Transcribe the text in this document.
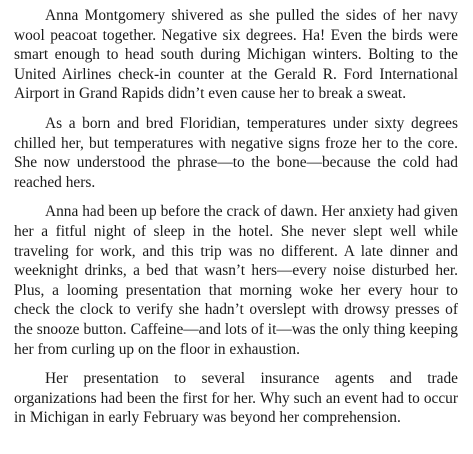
Anna Montgomery shivered as she pulled the sides of her navy wool peacoat together. Negative six degrees. Ha! Even the birds were smart enough to head south during Michigan winters. Bolting to the United Airlines check-in counter at the Gerald R. Ford International Airport in Grand Rapids didn’t even cause her to break a sweat.

As a born and bred Floridian, temperatures under sixty degrees chilled her, but temperatures with negative signs froze her to the core. She now understood the phrase—to the bone—because the cold had reached hers.

Anna had been up before the crack of dawn. Her anxiety had given her a fitful night of sleep in the hotel. She never slept well while traveling for work, and this trip was no different. A late dinner and weeknight drinks, a bed that wasn’t hers—every noise disturbed her. Plus, a looming presentation that morning woke her every hour to check the clock to verify she hadn’t overslept with drowsy presses of the snooze button. Caffeine—and lots of it—was the only thing keeping her from curling up on the floor in exhaustion.

Her presentation to several insurance agents and trade organizations had been the first for her. Why such an event had to occur in Michigan in early February was beyond her comprehension.
